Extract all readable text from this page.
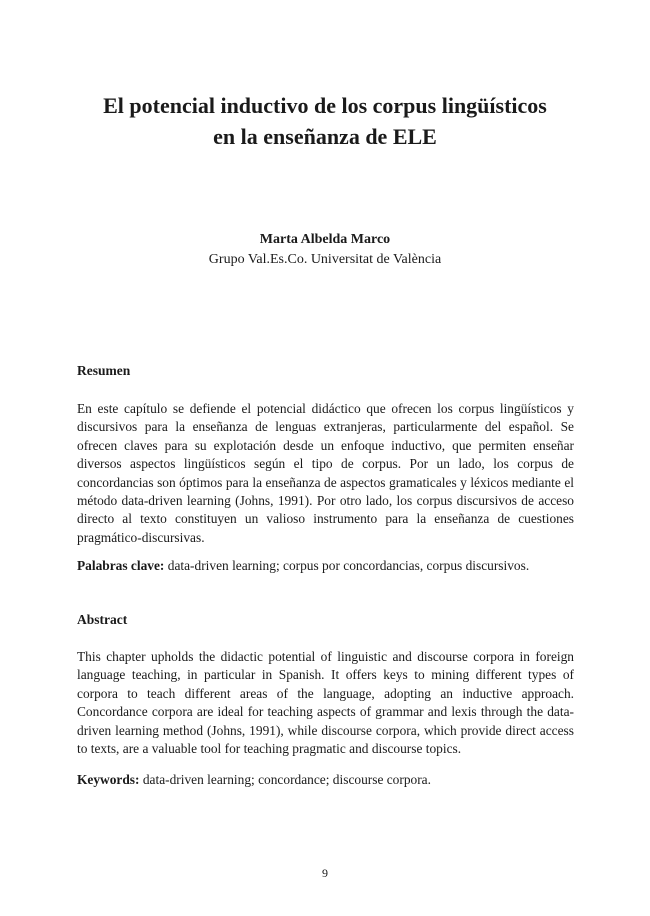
El potencial inductivo de los corpus lingüísticos
en la enseñanza de ELE
Marta Albelda Marco
Grupo Val.Es.Co. Universitat de València
Resumen
En este capítulo se defiende el potencial didáctico que ofrecen los corpus lingüísticos y discursivos para la enseñanza de lenguas extranjeras, particularmente del español. Se ofrecen claves para su explotación desde un enfoque inductivo, que permiten enseñar diversos aspectos lingüísticos según el tipo de corpus. Por un lado, los corpus de concordancias son óptimos para la enseñanza de aspectos gramaticales y léxicos mediante el método data-driven learning (Johns, 1991). Por otro lado, los corpus discursivos de acceso directo al texto constituyen un valioso instrumento para la enseñanza de cuestiones pragmático-discursivas.
Palabras clave: data-driven learning; corpus por concordancias, corpus discursivos.
Abstract
This chapter upholds the didactic potential of linguistic and discourse corpora in foreign language teaching, in particular in Spanish. It offers keys to mining different types of corpora to teach different areas of the language, adopting an inductive approach. Concordance corpora are ideal for teaching aspects of grammar and lexis through the data-driven learning method (Johns, 1991), while discourse corpora, which provide direct access to texts, are a valuable tool for teaching pragmatic and discourse topics.
Keywords: data-driven learning; concordance; discourse corpora.
9
